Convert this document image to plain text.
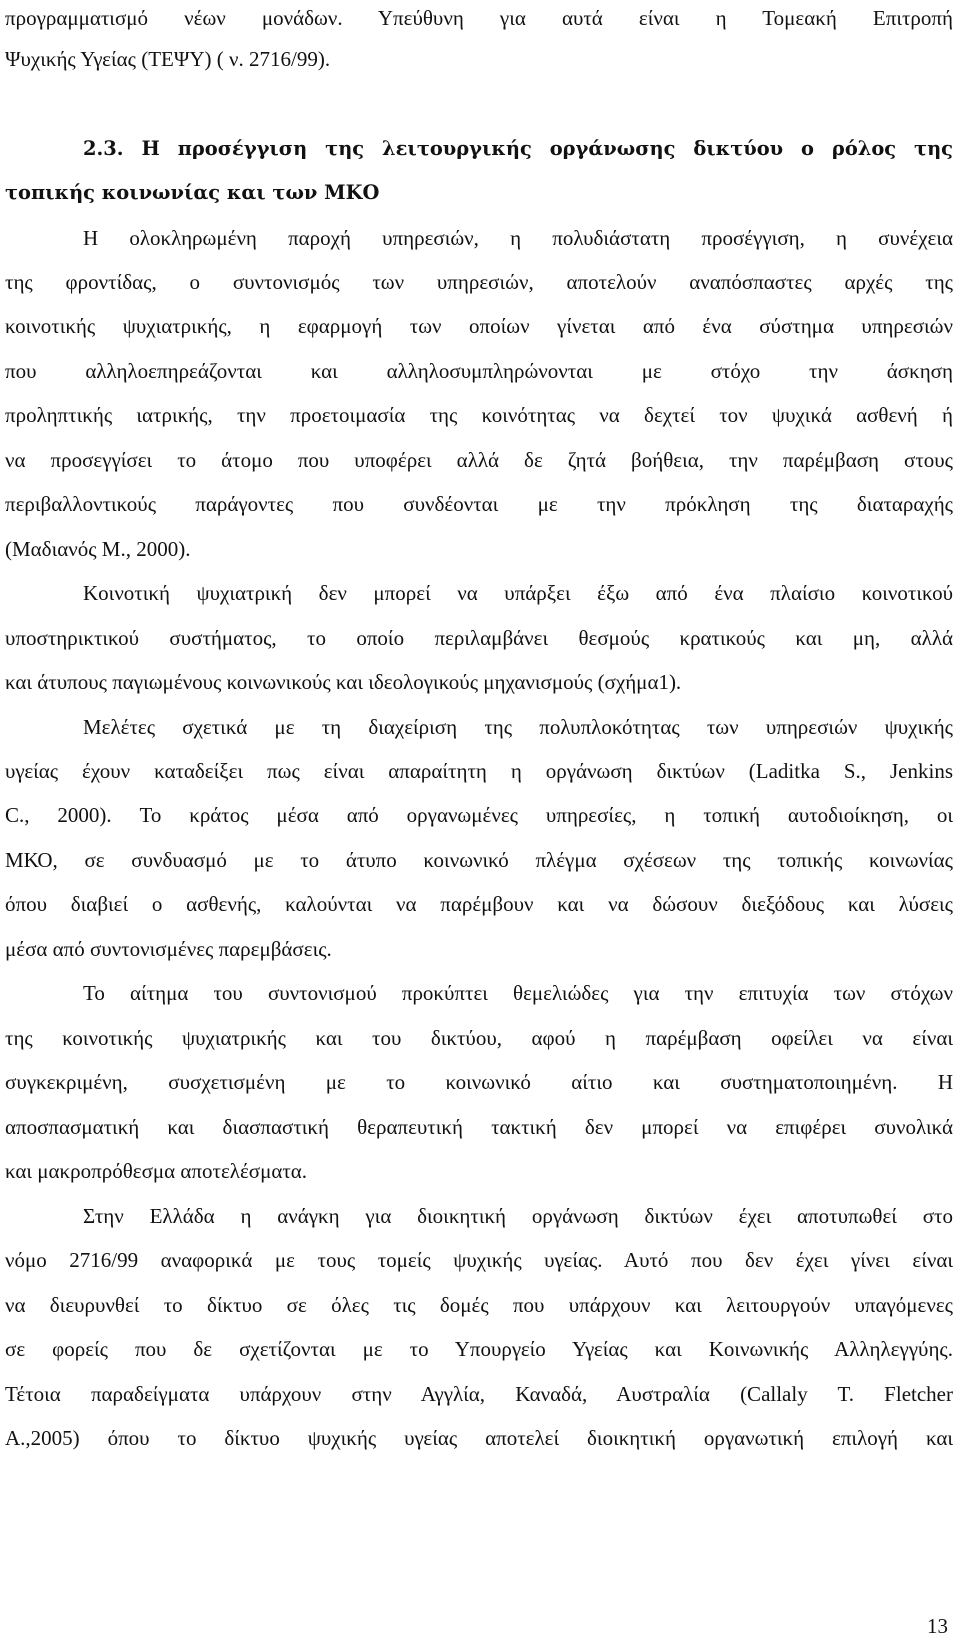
προγραμματισμό νέων μονάδων. Υπεύθυνη για αυτά είναι η Τομεακή Επιτροπή
Ψυχικής Υγείας (ΤΕΨΥ) ( ν. 2716/99).
2.3. Η προσέγγιση της λειτουργικής οργάνωσης δικτύου ο ρόλος της
τοπικής κοινωνίας και των ΜΚΟ
Η ολοκληρωμένη παροχή υπηρεσιών, η πολυδιάστατη προσέγγιση, η συνέχεια
της φροντίδας, ο συντονισμός των υπηρεσιών, αποτελούν αναπόσπαστες αρχές της
κοινοτικής ψυχιατρικής, η εφαρμογή των οποίων γίνεται από ένα σύστημα υπηρεσιών
που αλληλοεπηρεάζονται και αλληλοσυμπληρώνονται με στόχο την άσκηση
προληπτικής ιατρικής, την προετοιμασία της κοινότητας να δεχτεί τον ψυχικά ασθενή ή
να προσεγγίσει το άτομο που υποφέρει αλλά δε ζητά βοήθεια, την παρέμβαση στους
περιβαλλοντικούς παράγοντες που συνδέονται με την πρόκληση της διαταραχής
(Μαδιανός Μ., 2000).
Κοινοτική ψυχιατρική δεν μπορεί να υπάρξει έξω από ένα πλαίσιο κοινοτικού
υποστηρικτικού συστήματος, το οποίο περιλαμβάνει θεσμούς κρατικούς και μη, αλλά
και άτυπους παγιωμένους κοινωνικούς και ιδεολογικούς μηχανισμούς (σχήμα1).
Μελέτες σχετικά με τη διαχείριση της πολυπλοκότητας των υπηρεσιών ψυχικής
υγείας έχουν καταδείξει πως είναι απαραίτητη η οργάνωση δικτύων (Laditka S., Jenkins
C., 2000). Το κράτος μέσα από οργανωμένες υπηρεσίες, η τοπική αυτοδιοίκηση, οι
ΜΚΟ, σε συνδυασμό με το άτυπο κοινωνικό πλέγμα σχέσεων της τοπικής κοινωνίας
όπου διαβιεί ο ασθενής, καλούνται να παρέμβουν και να δώσουν διεξόδους και λύσεις
μέσα από συντονισμένες παρεμβάσεις.
Το αίτημα του συντονισμού προκύπτει θεμελιώδες για την επιτυχία των στόχων
της κοινοτικής ψυχιατρικής και του δικτύου, αφού η παρέμβαση οφείλει να είναι
συγκεκριμένη, συσχετισμένη με το κοινωνικό αίτιο και συστηματοποιημένη. Η
αποσπασματική και διασπαστική θεραπευτική τακτική δεν μπορεί να επιφέρει συνολικά
και μακροπρόθεσμα αποτελέσματα.
Στην Ελλάδα η ανάγκη για διοικητική οργάνωση δικτύων έχει αποτυπωθεί στο
νόμο 2716/99 αναφορικά με τους τομείς ψυχικής υγείας. Αυτό που δεν έχει γίνει είναι
να διευρυνθεί το δίκτυο σε όλες τις δομές που υπάρχουν και λειτουργούν υπαγόμενες
σε φορείς που δε σχετίζονται με το Υπουργείο Υγείας και Κοινωνικής Αλληλεγγύης.
Τέτοια παραδείγματα υπάρχουν στην Αγγλία, Καναδά, Αυστραλία (Callaly T. Fletcher
A.,2005) όπου το δίκτυο ψυχικής υγείας αποτελεί διοικητική οργανωτική επιλογή και
13
